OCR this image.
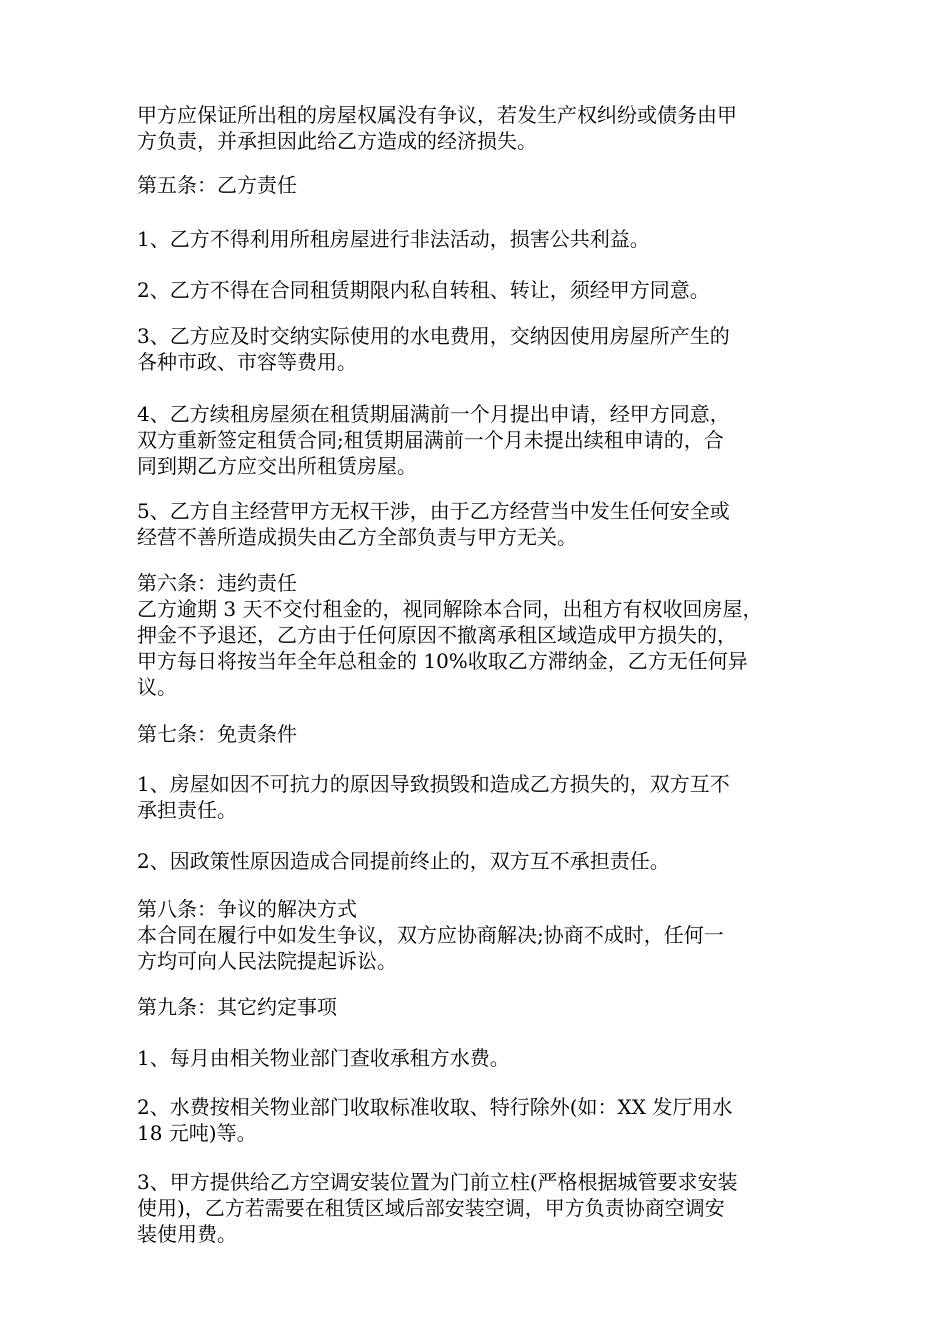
甲方应保证所出租的房屋权属没有争议，若发生产权纠纷或债务由甲
方负责，并承担因此给乙方造成的经济损失。

第五条：乙方责任

1、乙方不得利用所租房屋进行非法活动，损害公共利益。

2、乙方不得在合同租赁期限内私自转租、转让，须经甲方同意。

3、乙方应及时交纳实际使用的水电费用，交纳因使用房屋所产生的
各种市政、市容等费用。

4、乙方续租房屋须在租赁期届满前一个月提出申请，经甲方同意，
双方重新签定租赁合同;租赁期届满前一个月未提出续租申请的，合
同到期乙方应交出所租赁房屋。

5、乙方自主经营甲方无权干涉，由于乙方经营当中发生任何安全或
经营不善所造成损失由乙方全部负责与甲方无关。

第六条：违约责任
乙方逾期 3 天不交付租金的，视同解除本合同，出租方有权收回房屋，
押金不予退还，乙方由于任何原因不撤离承租区域造成甲方损失的，
甲方每日将按当年全年总租金的 10%收取乙方滞纳金，乙方无任何异
议。

第七条：免责条件

1、房屋如因不可抗力的原因导致损毁和造成乙方损失的，双方互不
承担责任。

2、因政策性原因造成合同提前终止的，双方互不承担责任。

第八条：争议的解决方式
本合同在履行中如发生争议，双方应协商解决;协商不成时，任何一
方均可向人民法院提起诉讼。

第九条：其它约定事项

1、每月由相关物业部门查收承租方水费。

2、水费按相关物业部门收取标准收取、特行除外(如：XX 发厅用水
18 元吨)等。

3、甲方提供给乙方空调安装位置为门前立柱(严格根据城管要求安装
使用)，乙方若需要在租赁区域后部安装空调，甲方负责协商空调安
装使用费。
